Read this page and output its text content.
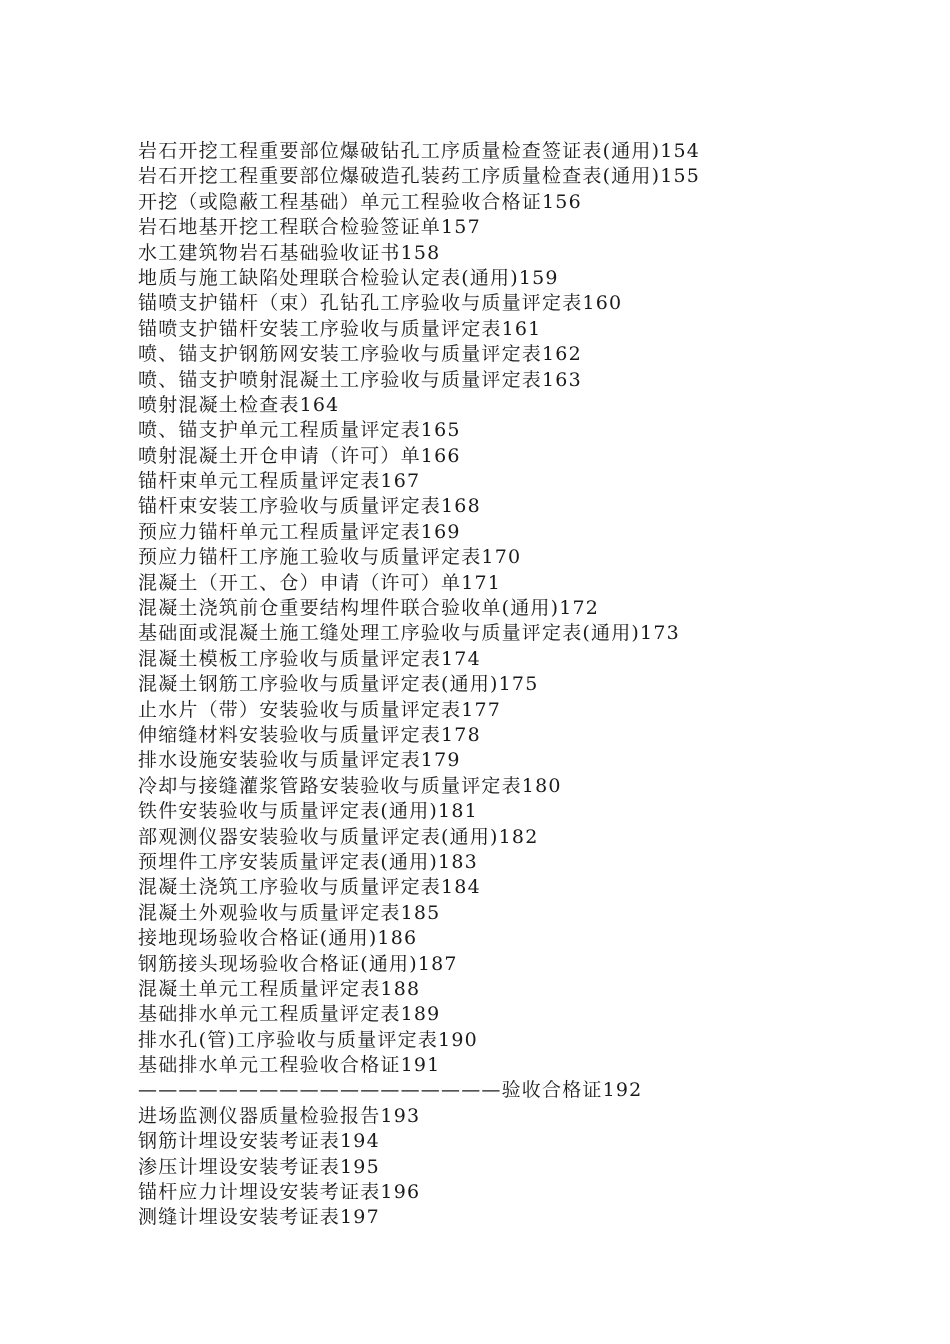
岩石开挖工程重要部位爆破钻孔工序质量检查签证表(通用)154
岩石开挖工程重要部位爆破造孔装药工序质量检查表(通用)155
开挖（或隐蔽工程基础）单元工程验收合格证156
岩石地基开挖工程联合检验签证单157
水工建筑物岩石基础验收证书158
地质与施工缺陷处理联合检验认定表(通用)159
锚喷支护锚杆（束）孔钻孔工序验收与质量评定表160
锚喷支护锚杆安装工序验收与质量评定表161
喷、锚支护钢筋网安装工序验收与质量评定表162
喷、锚支护喷射混凝土工序验收与质量评定表163
喷射混凝土检查表164
喷、锚支护单元工程质量评定表165
喷射混凝土开仓申请（许可）单166
锚杆束单元工程质量评定表167
锚杆束安装工序验收与质量评定表168
预应力锚杆单元工程质量评定表169
预应力锚杆工序施工验收与质量评定表170
混凝土（开工、仓）申请（许可）单171
混凝土浇筑前仓重要结构埋件联合验收单(通用)172
基础面或混凝土施工缝处理工序验收与质量评定表(通用)173
混凝土模板工序验收与质量评定表174
混凝土钢筋工序验收与质量评定表(通用)175
止水片（带）安装验收与质量评定表177
伸缩缝材料安装验收与质量评定表178
排水设施安装验收与质量评定表179
冷却与接缝灌浆管路安装验收与质量评定表180
铁件安装验收与质量评定表(通用)181
部观测仪器安装验收与质量评定表(通用)182
预埋件工序安装质量评定表(通用)183
混凝土浇筑工序验收与质量评定表184
混凝土外观验收与质量评定表185
接地现场验收合格证(通用)186
钢筋接头现场验收合格证(通用)187
混凝土单元工程质量评定表188
基础排水单元工程质量评定表189
排水孔(管)工序验收与质量评定表190
基础排水单元工程验收合格证191
——————————————————验收合格证192
进场监测仪器质量检验报告193
钢筋计埋设安装考证表194
渗压计埋设安装考证表195
锚杆应力计埋设安装考证表196
测缝计埋设安装考证表197
